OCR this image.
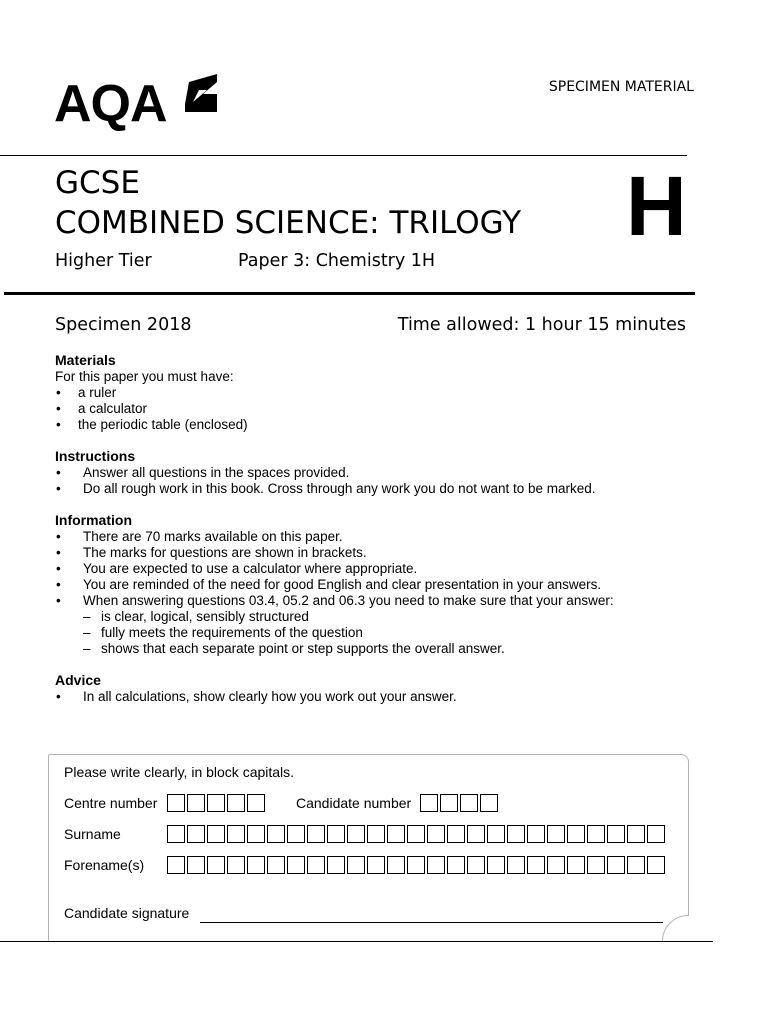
AQA	SPECIMEN MATERIAL
GCSE
COMBINED SCIENCE: TRILOGY
Higher Tier	Paper 3: Chemistry 1H
H
Specimen 2018	Time allowed: 1 hour 15 minutes
Materials

For this paper you must have:

• a ruler

• a calculator

• the periodic table (enclosed)

Instructions

• Answer all questions in the spaces provided.

• Do all rough work in this book. Cross through any work you do not want to be marked.

Information

• There are 70 marks available on this paper.

• The marks for questions are shown in brackets.

• You are expected to use a calculator where appropriate.

• You are reminded of the need for good English and clear presentation in your answers.

• When answering questions 03.4, 05.2 and 06.3 you need to make sure that your answer:

– is clear, logical, sensibly structured

– fully meets the requirements of the question

– shows that each separate point or step supports the overall answer.

Advice

• In all calculations, show clearly how you work out your answer.

Please write clearly, in block capitals.
Centre number	Candidate number
Surname
Forename(s)
Candidate signature
